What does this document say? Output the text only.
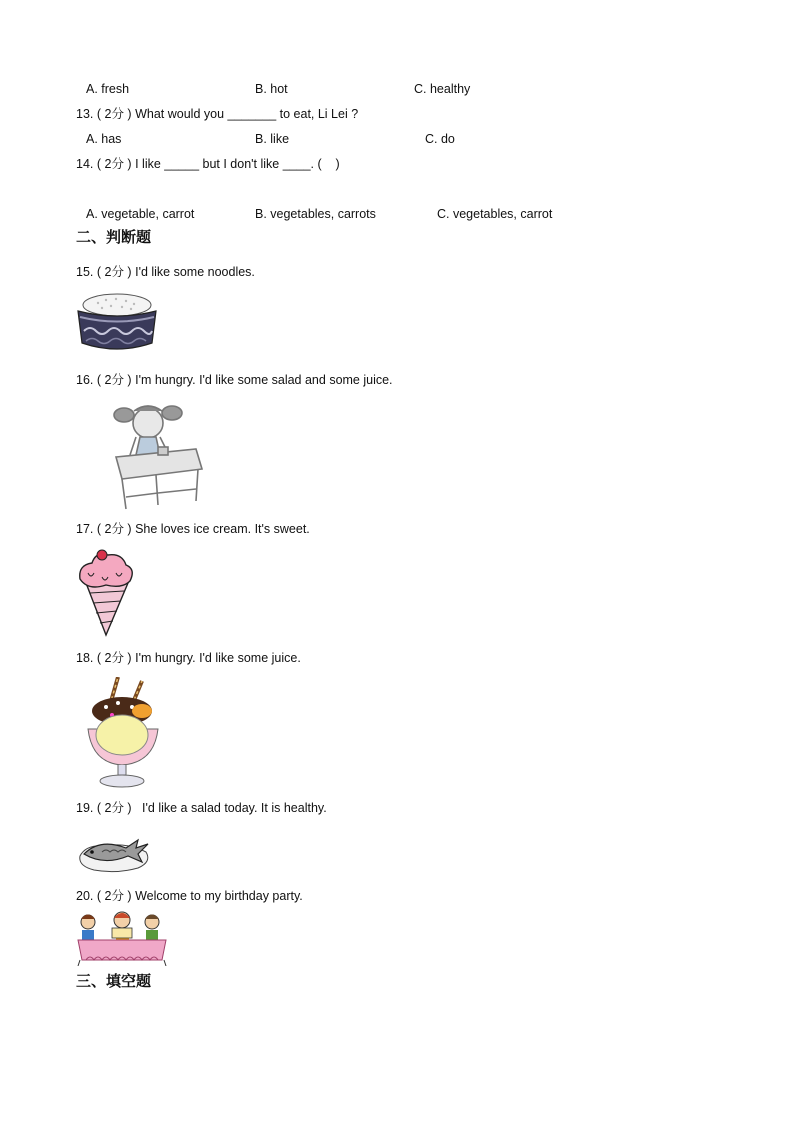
A. fresh	B. hot	C. healthy
13. ( 2分 ) What would you _______ to eat, Li Lei ?
A. has	B. like	C. do
14. ( 2分 ) I like _____ but I don't like ____. (    )
A. vegetable, carrot	B. vegetables, carrots	C. vegetables, carrot
二、判断题
15. ( 2分 ) I'd like some noodles.
16. ( 2分 ) I'm hungry. I'd like some salad and some juice.
17. ( 2分 ) She loves ice cream. It's sweet.
18. ( 2分 ) I'm hungry. I'd like some juice.
19. ( 2分 ) I'd like a salad today. It is healthy.
20. ( 2分 ) Welcome to my birthday party.
三、填空题
